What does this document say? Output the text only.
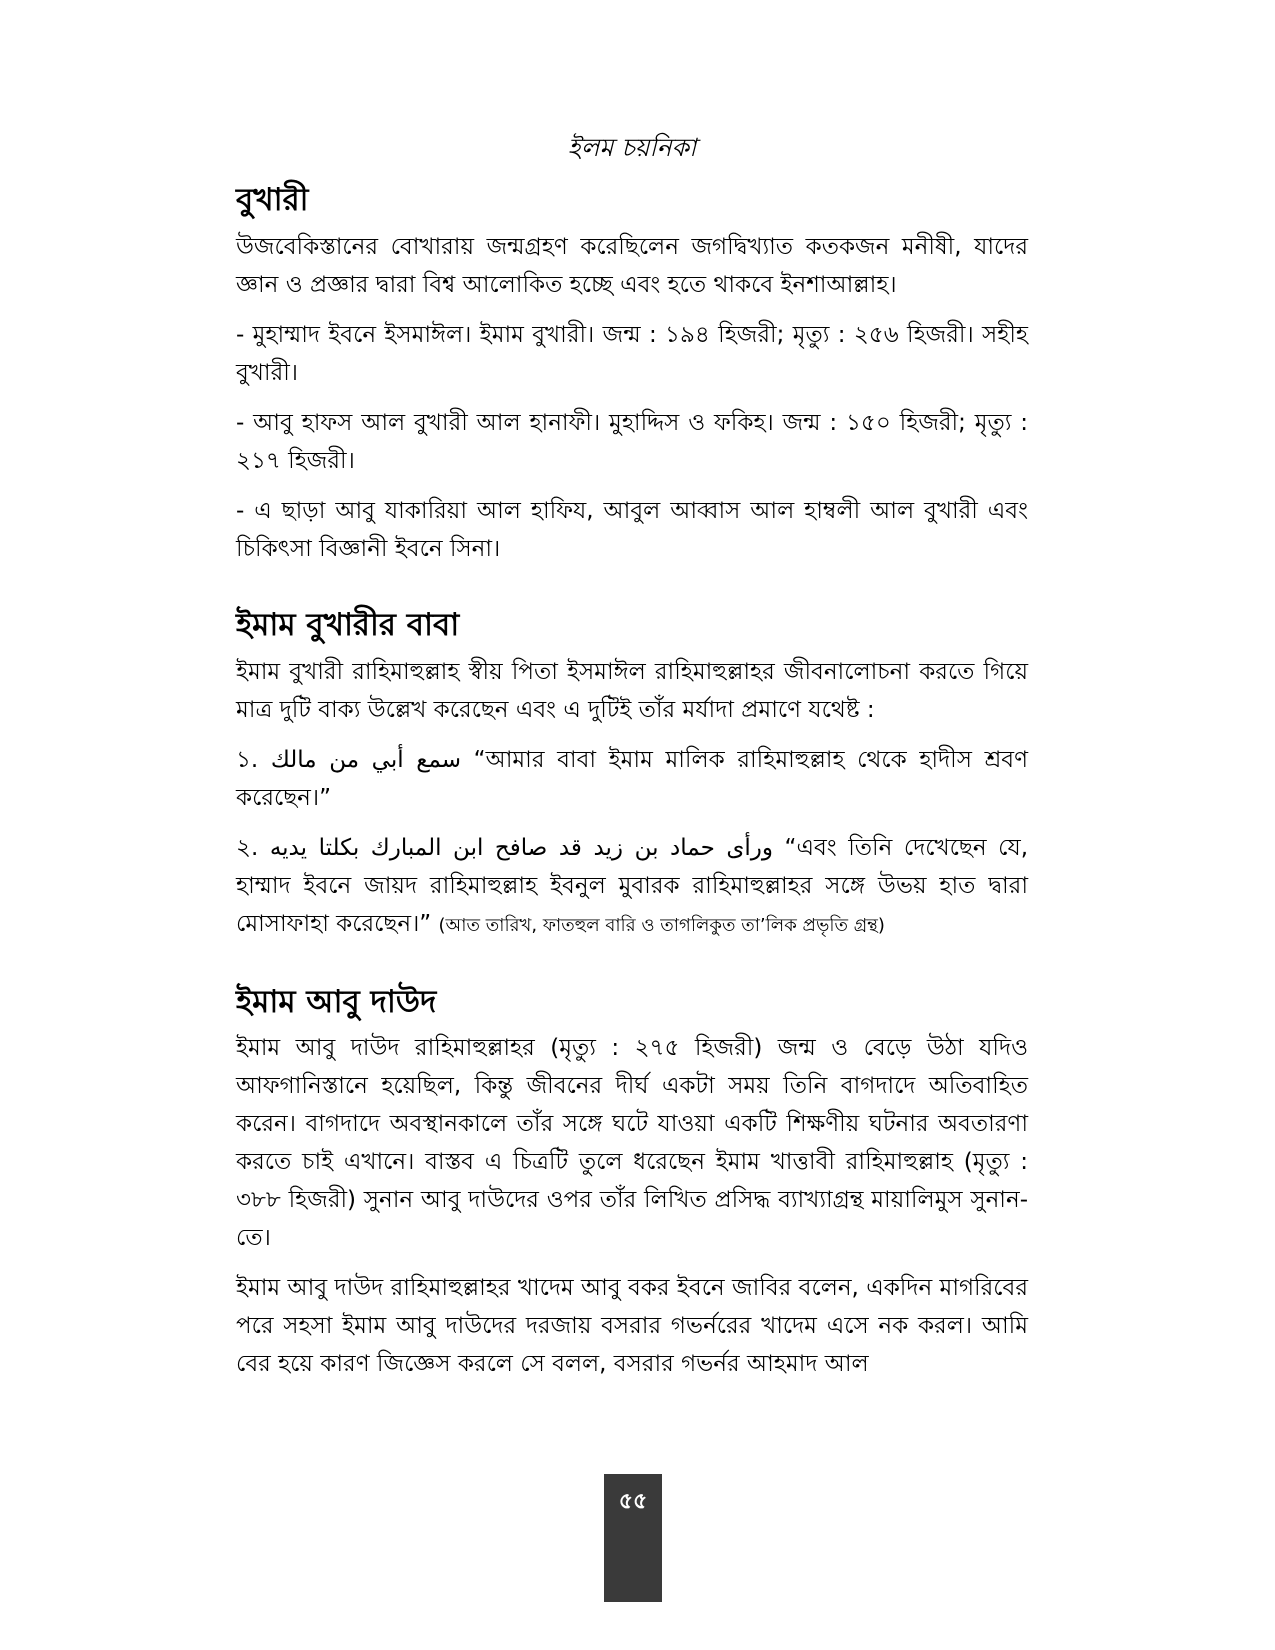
ইলম চয়নিকা
বুখারী

উজবেকিস্তানের বোখারায় জন্মগ্রহণ করেছিলেন জগদ্বিখ্যাত কতকজন মনীষী, যাদের জ্ঞান ও প্রজ্ঞার দ্বারা বিশ্ব আলোকিত হচ্ছে এবং হতে থাকবে ইনশাআল্লাহ।

- মুহাম্মাদ ইবনে ইসমাঈল। ইমাম বুখারী। জন্ম : ১৯৪ হিজরী; মৃত্যু : ২৫৬ হিজরী। সহীহ বুখারী।

- আবু হাফস আল বুখারী আল হানাফী। মুহাদ্দিস ও ফকিহ। জন্ম : ১৫০ হিজরী; মৃত্যু : ২১৭ হিজরী।

- এ ছাড়া আবু যাকারিয়া আল হাফিয, আবুল আব্বাস আল হাম্বলী আল বুখারী এবং চিকিৎসা বিজ্ঞানী ইবনে সিনা।

ইমাম বুখারীর বাবা

ইমাম বুখারী রাহিমাহুল্লাহ স্বীয় পিতা ইসমাঈল রাহিমাহুল্লাহর জীবনালোচনা করতে গিয়ে মাত্র দুটি বাক্য উল্লেখ করেছেন এবং এ দুটিই তাঁর মর্যাদা প্রমাণে যথেষ্ট :

১. سمع أبي من مالك “আমার বাবা ইমাম মালিক রাহিমাহুল্লাহ থেকে হাদীস শ্রবণ করেছেন।”

২. ورأى حماد بن زيد قد صافح ابن المبارك بكلتا يديه “এবং তিনি দেখেছেন যে, হাম্মাদ ইবনে জায়দ রাহিমাহুল্লাহ ইবনুল মুবারক রাহিমাহুল্লাহর সঙ্গে উভয় হাত দ্বারা মোসাফাহা করেছেন।” (আত তারিখ, ফাতহুল বারি ও তাগলিকুত তা’লিক প্রভৃতি গ্রন্থ)

ইমাম আবু দাউদ

ইমাম আবু দাউদ রাহিমাহুল্লাহর (মৃত্যু : ২৭৫ হিজরী) জন্ম ও বেড়ে উঠা যদিও আফগানিস্তানে হয়েছিল, কিন্তু জীবনের দীর্ঘ একটা সময় তিনি বাগদাদে অতিবাহিত করেন। বাগদাদে অবস্থানকালে তাঁর সঙ্গে ঘটে যাওয়া একটি শিক্ষণীয় ঘটনার অবতারণা করতে চাই এখানে। বাস্তব এ চিত্রটি তুলে ধরেছেন ইমাম খাত্তাবী রাহিমাহুল্লাহ (মৃত্যু : ৩৮৮ হিজরী) সুনান আবু দাউদের ওপর তাঁর লিখিত প্রসিদ্ধ ব্যাখ্যাগ্রন্থ মায়ালিমুস সুনান-তে।

ইমাম আবু দাউদ রাহিমাহুল্লাহর খাদেম আবু বকর ইবনে জাবির বলেন, একদিন মাগরিবের পরে সহসা ইমাম আবু দাউদের দরজায় বসরার গভর্নরের খাদেম এসে নক করল। আমি বের হয়ে কারণ জিজ্ঞেস করলে সে বলল, বসরার গভর্নর আহমাদ আল

৫৫
